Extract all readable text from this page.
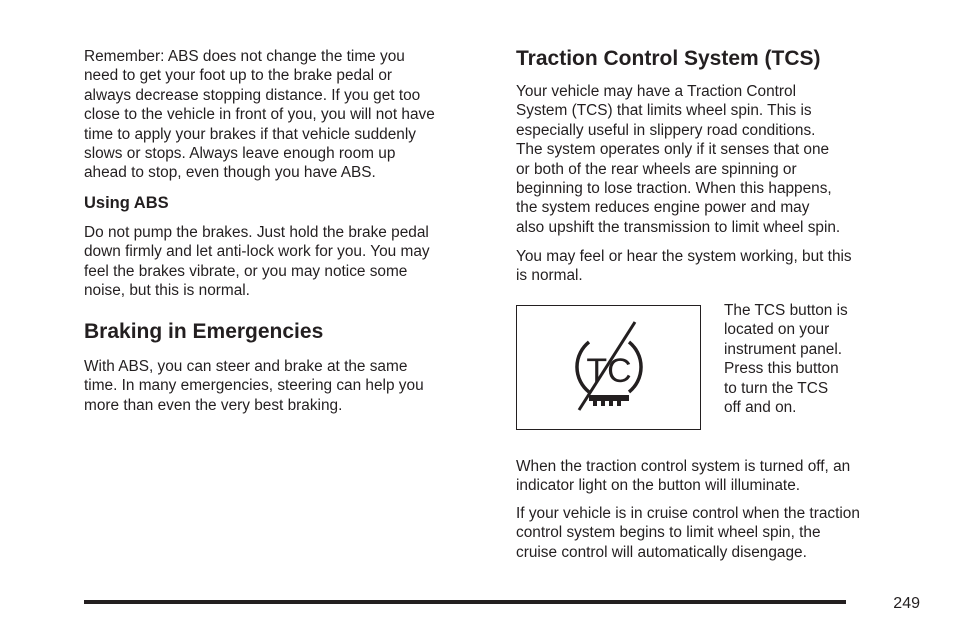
Remember: ABS does not change the time you

need to get your foot up to the brake pedal or

always decrease stopping distance. If you get too

close to the vehicle in front of you, you will not have

time to apply your brakes if that vehicle suddenly

slows or stops. Always leave enough room up

ahead to stop, even though you have ABS.

Using ABS

Do not pump the brakes. Just hold the brake pedal

down firmly and let anti-lock work for you. You may

feel the brakes vibrate, or you may notice some

noise, but this is normal.

Braking in Emergencies

With ABS, you can steer and brake at the same

time. In many emergencies, steering can help you

more than even the very best braking.

Traction Control System (TCS)

Your vehicle may have a Traction Control

System (TCS) that limits wheel spin. This is

especially useful in slippery road conditions.

The system operates only if it senses that one

or both of the rear wheels are spinning or

beginning to lose traction. When this happens,

the system reduces engine power and may

also upshift the transmission to limit wheel spin.

You may feel or hear the system working, but this

is normal.

TC

The TCS button is

located on your

instrument panel.

Press this button

to turn the TCS

off and on.

When the traction control system is turned off, an

indicator light on the button will illuminate.

If your vehicle is in cruise control when the traction

control system begins to limit wheel spin, the

cruise control will automatically disengage.

249
